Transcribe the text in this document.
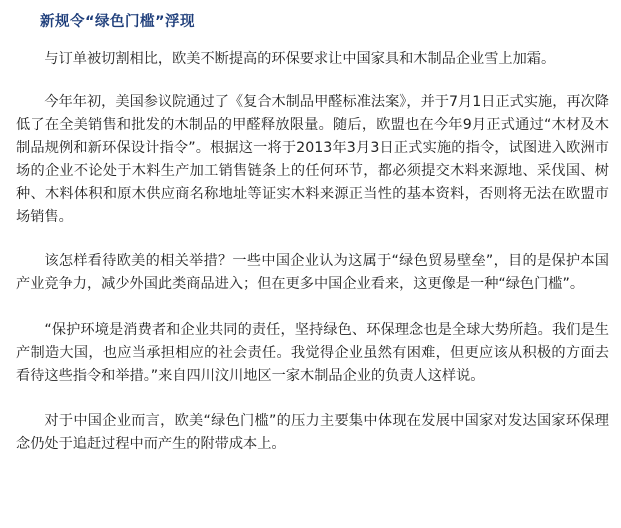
新规令“绿色门槛”浮现

与订单被切割相比，欧美不断提高的环保要求让中国家具和木制品企业雪上加霜。

今年年初，美国参议院通过了《复合木制品甲醛标准法案》，并于7月1日正式实施，再次降低了在全美销售和批发的木制品的甲醛释放限量。随后，欧盟也在今年9月正式通过“木材及木制品规例和新环保设计指令”。根据这一将于2013年3月3日正式实施的指令，试图进入欧洲市场的企业不论处于木料生产加工销售链条上的任何环节，都必须提交木料来源地、采伐国、树种、木料体积和原木供应商名称地址等证实木料来源正当性的基本资料，否则将无法在欧盟市场销售。

该怎样看待欧美的相关举措？一些中国企业认为这属于“绿色贸易壁垒”，目的是保护本国产业竞争力，减少外国此类商品进入；但在更多中国企业看来，这更像是一种“绿色门槛”。

“保护环境是消费者和企业共同的责任，坚持绿色、环保理念也是全球大势所趋。我们是生产制造大国，也应当承担相应的社会责任。我觉得企业虽然有困难，但更应该从积极的方面去看待这些指令和举措。”来自四川汶川地区一家木制品企业的负责人这样说。

对于中国企业而言，欧美“绿色门槛”的压力主要集中体现在发展中国家对发达国家环保理念仍处于追赶过程中而产生的附带成本上。
